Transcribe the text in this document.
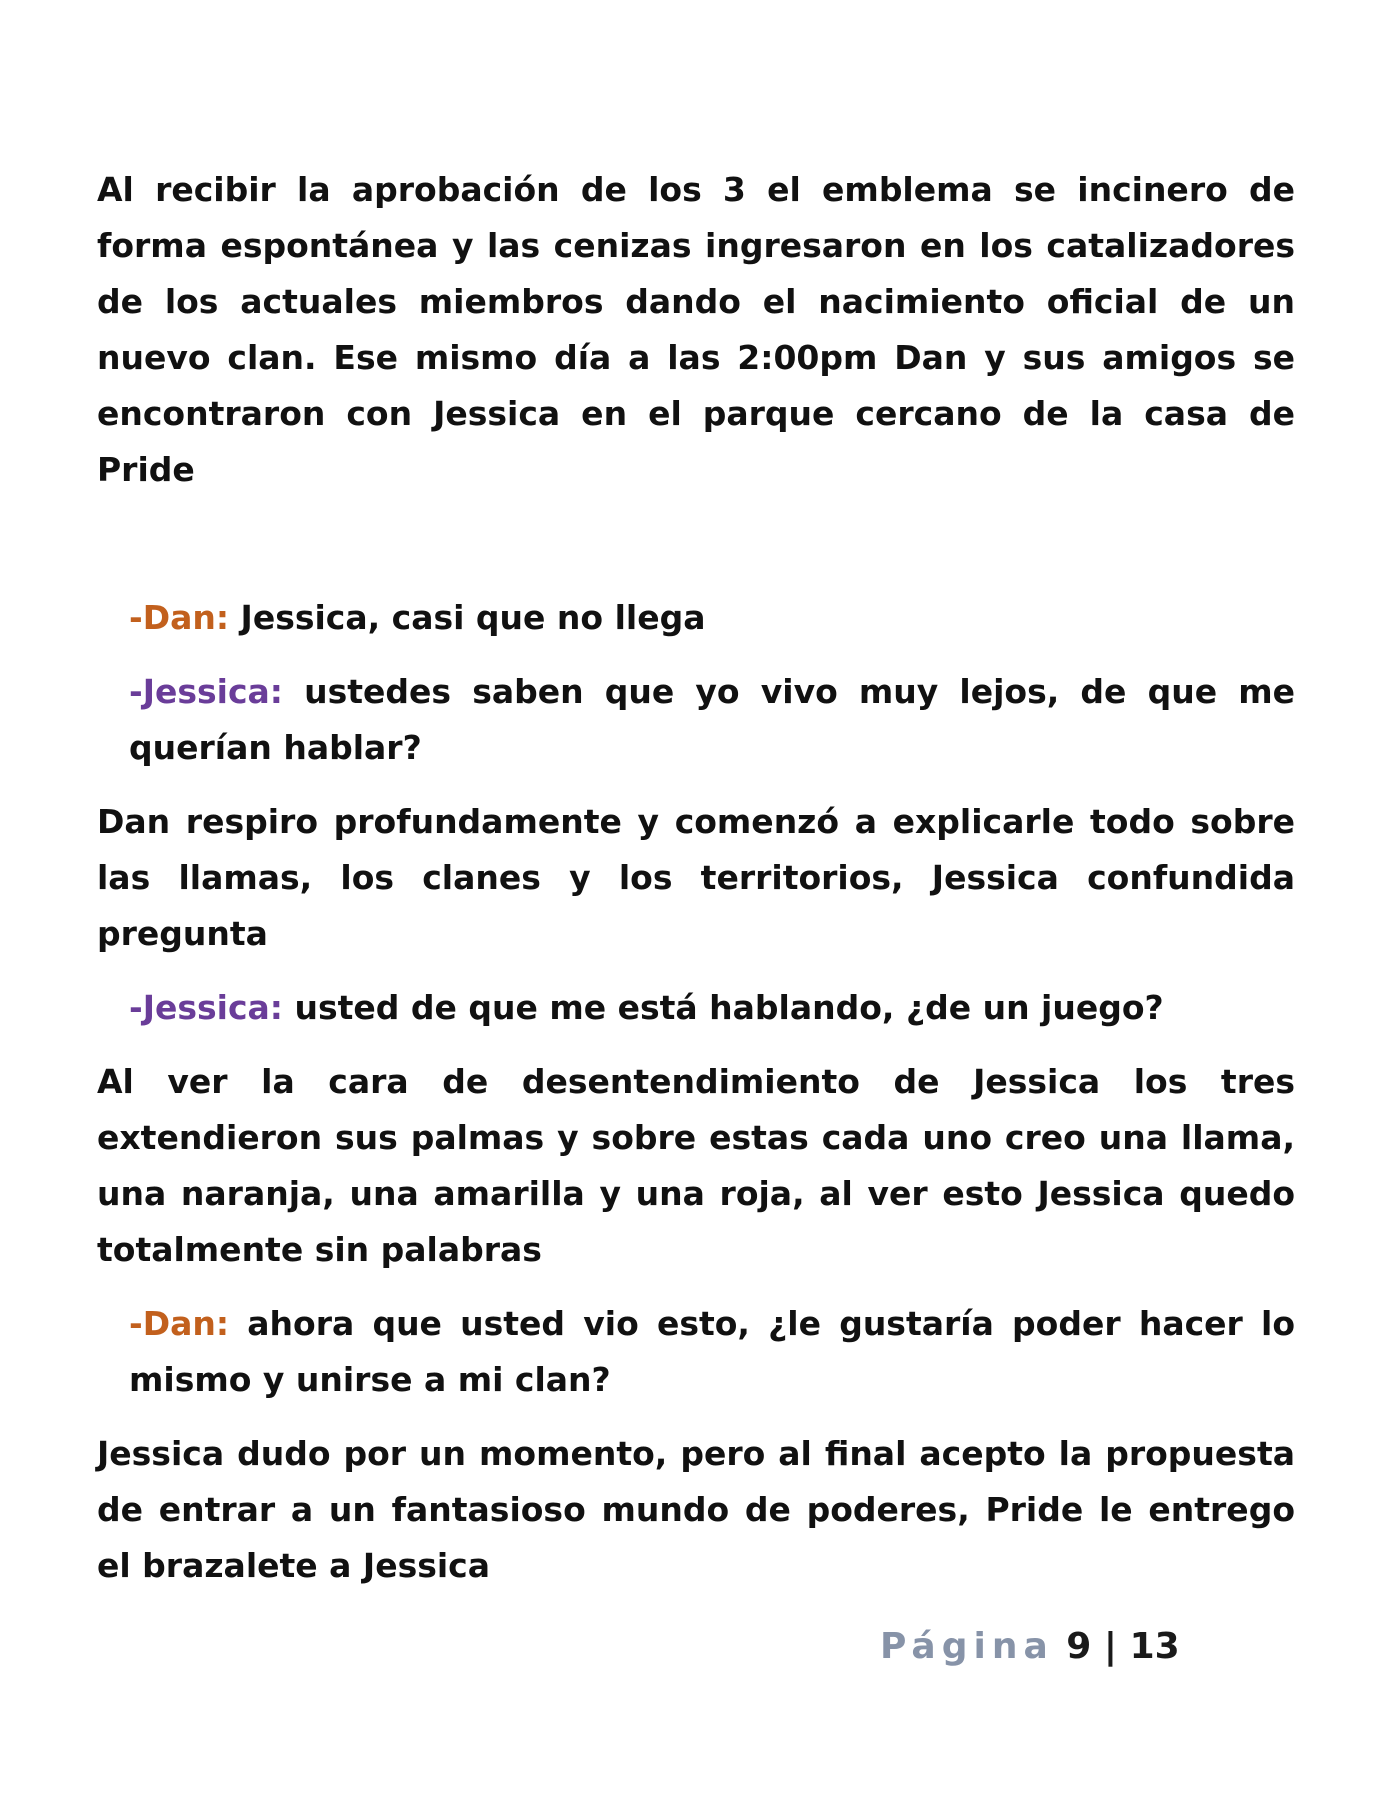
Al recibir la aprobación de los 3 el emblema se incinero de forma espontánea y las cenizas ingresaron en los catalizadores de los actuales miembros dando el nacimiento oficial de un nuevo clan. Ese mismo día a las 2:00pm Dan y sus amigos se encontraron con Jessica en el parque cercano de la casa de Pride

-Dan: Jessica, casi que no llega

-Jessica: ustedes saben que yo vivo muy lejos, de que me querían hablar?

Dan respiro profundamente y comenzó a explicarle todo sobre las llamas, los clanes y los territorios, Jessica confundida pregunta

-Jessica: usted de que me está hablando, ¿de un juego?

Al ver la cara de desentendimiento de Jessica los tres extendieron sus palmas y sobre estas cada uno creo una llama, una naranja, una amarilla y una roja, al ver esto Jessica quedo totalmente sin palabras

-Dan: ahora que usted vio esto, ¿le gustaría poder hacer lo mismo y unirse a mi clan?

Jessica dudo por un momento, pero al final acepto la propuesta de entrar a un fantasioso mundo de poderes, Pride le entrego el brazalete a Jessica

Página 9 | 13
